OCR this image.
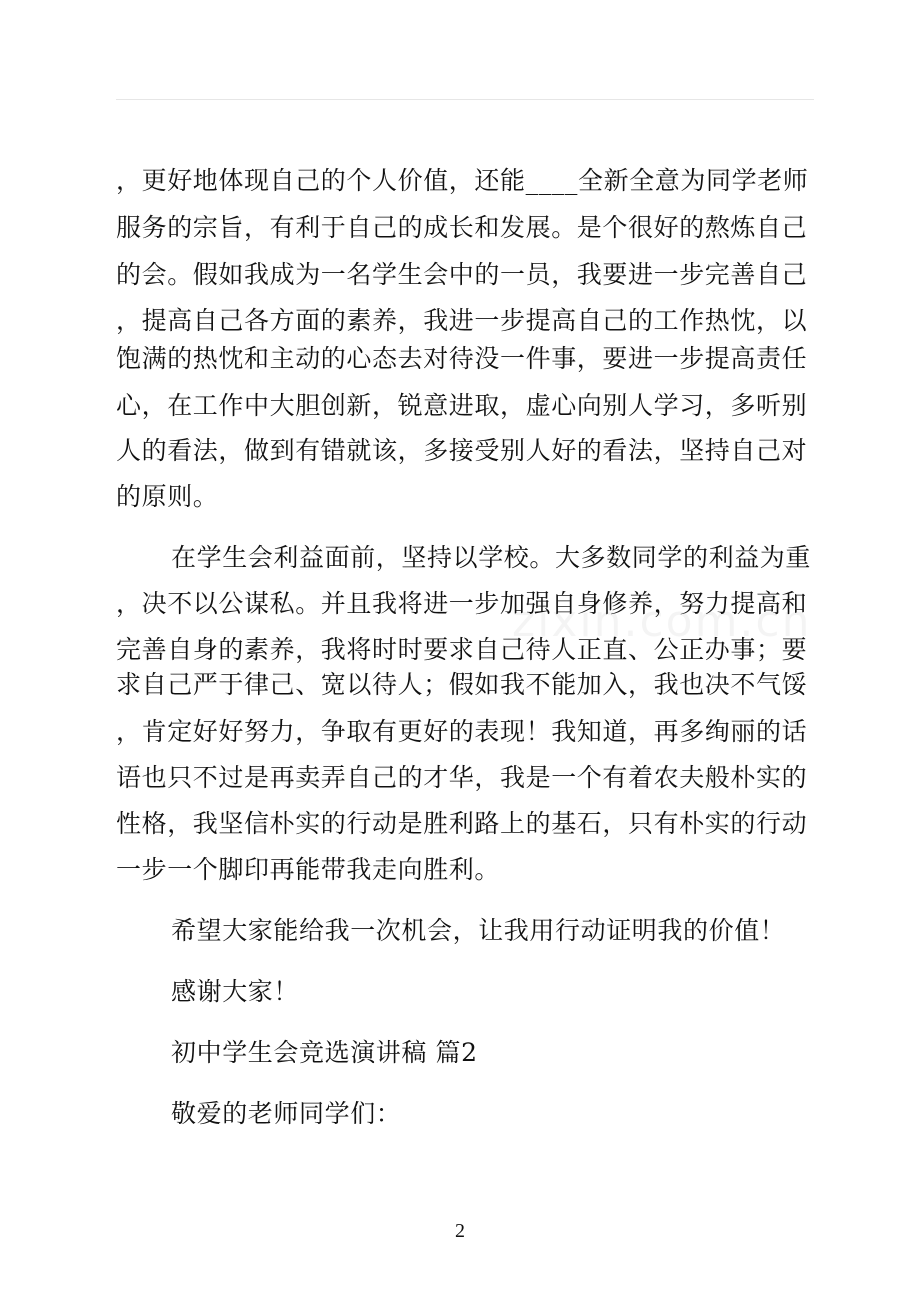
，更好地体现自己的个人价值，还能____全新全意为同学老师
服务的宗旨，有利于自己的成长和发展。是个很好的熬炼自己
的会。假如我成为一名学生会中的一员，我要进一步完善自己
，提高自己各方面的素养，我进一步提高自己的工作热忱，以
饱满的热忱和主动的心态去对待没一件事，要进一步提高责任
心，在工作中大胆创新，锐意进取，虚心向别人学习，多听别
人的看法，做到有错就该，多接受别人好的看法，坚持自己对
的原则。
在学生会利益面前，坚持以学校。大多数同学的利益为重
，决不以公谋私。并且我将进一步加强自身修养，努力提高和
完善自身的素养，我将时时要求自己待人正直、公正办事；要
求自己严于律己、宽以待人；假如我不能加入，我也决不气馁
，肯定好好努力，争取有更好的表现！我知道，再多绚丽的话
语也只不过是再卖弄自己的才华，我是一个有着农夫般朴实的
性格，我坚信朴实的行动是胜利路上的基石，只有朴实的行动
一步一个脚印再能带我走向胜利。
希望大家能给我一次机会，让我用行动证明我的价值！
感谢大家！
初中学生会竞选演讲稿 篇2
敬爱的老师同学们：
2
